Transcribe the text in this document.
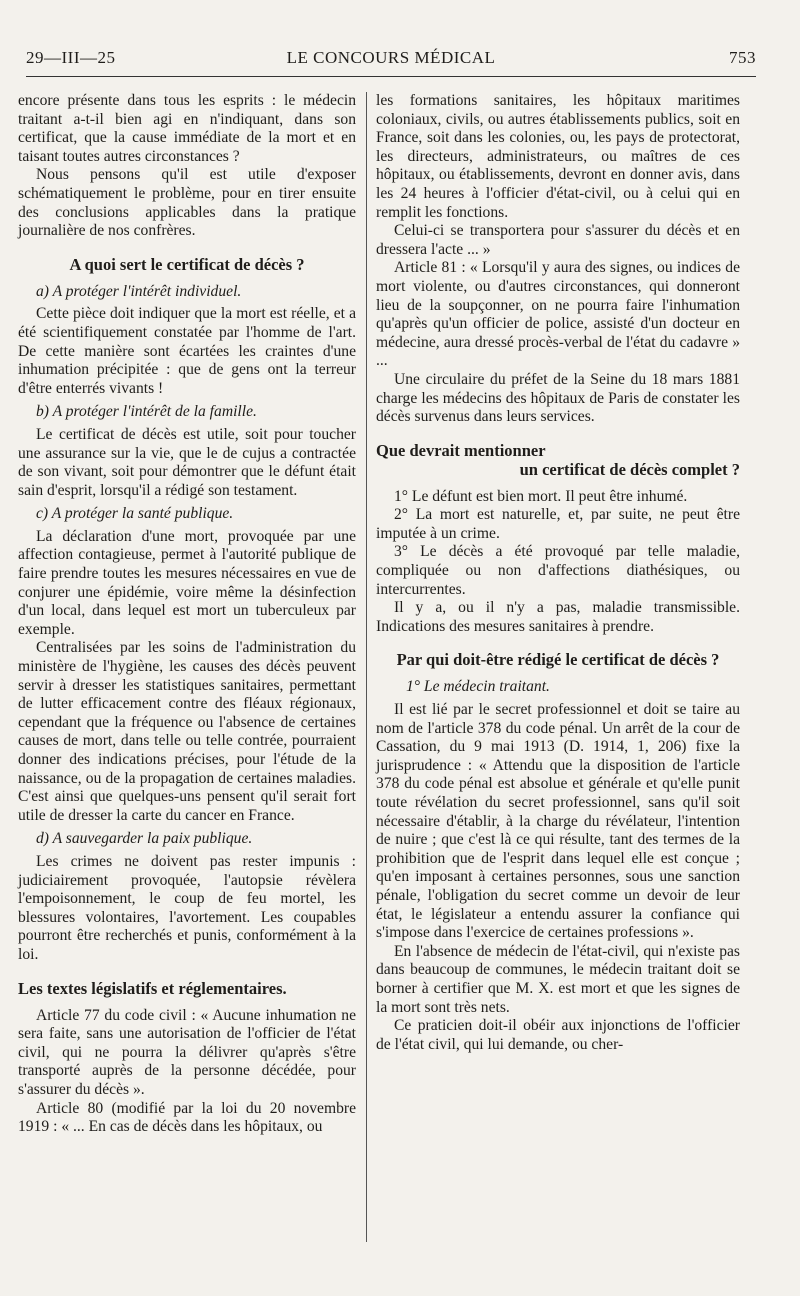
29—III—25	LE CONCOURS MÉDICAL	753

encore présente dans tous les esprits : le médecin traitant a-t-il bien agi en n'indiquant, dans son certificat, que la cause immédiate de la mort et en taisant toutes autres circonstances ?

Nous pensons qu'il est utile d'exposer schématiquement le problème, pour en tirer ensuite des conclusions applicables dans la pratique journalière de nos confrères.

A quoi sert le certificat de décès ?

a) A protéger l'intérêt individuel.

Cette pièce doit indiquer que la mort est réelle, et a été scientifiquement constatée par l'homme de l'art. De cette manière sont écartées les craintes d'une inhumation précipitée : que de gens ont la terreur d'être enterrés vivants !

b) A protéger l'intérêt de la famille.

Le certificat de décès est utile, soit pour toucher une assurance sur la vie, que le de cujus a contractée de son vivant, soit pour démontrer que le défunt était sain d'esprit, lorsqu'il a rédigé son testament.

c) A protéger la santé publique.

La déclaration d'une mort, provoquée par une affection contagieuse, permet à l'autorité publique de faire prendre toutes les mesures nécessaires en vue de conjurer une épidémie, voire même la désinfection d'un local, dans lequel est mort un tuberculeux par exemple.

Centralisées par les soins de l'administration du ministère de l'hygiène, les causes des décès peuvent servir à dresser les statistiques sanitaires, permettant de lutter efficacement contre des fléaux régionaux, cependant que la fréquence ou l'absence de certaines causes de mort, dans telle ou telle contrée, pourraient donner des indications précises, pour l'étude de la naissance, ou de la propagation de certaines maladies. C'est ainsi que quelques-uns pensent qu'il serait fort utile de dresser la carte du cancer en France.

d) A sauvegarder la paix publique.

Les crimes ne doivent pas rester impunis : judiciairement provoquée, l'autopsie révèlera l'empoisonnement, le coup de feu mortel, les blessures volontaires, l'avortement. Les coupables pourront être recherchés et punis, conformément à la loi.

Les textes législatifs et réglementaires.

Article 77 du code civil : « Aucune inhumation ne sera faite, sans une autorisation de l'officier de l'état civil, qui ne pourra la délivrer qu'après s'être transporté auprès de la personne décédée, pour s'assurer du décès ».

Article 80 (modifié par la loi du 20 novembre 1919 : « ... En cas de décès dans les hôpitaux, ou

les formations sanitaires, les hôpitaux maritimes coloniaux, civils, ou autres établissements publics, soit en France, soit dans les colonies, ou, les pays de protectorat, les directeurs, administrateurs, ou maîtres de ces hôpitaux, ou établissements, devront en donner avis, dans les 24 heures à l'officier d'état-civil, ou à celui qui en remplit les fonctions.

Celui-ci se transportera pour s'assurer du décès et en dressera l'acte ... »

Article 81 : « Lorsqu'il y aura des signes, ou indices de mort violente, ou d'autres circonstances, qui donneront lieu de la soupçonner, on ne pourra faire l'inhumation qu'après qu'un officier de police, assisté d'un docteur en médecine, aura dressé procès-verbal de l'état du cadavre » ...

Une circulaire du préfet de la Seine du 18 mars 1881 charge les médecins des hôpitaux de Paris de constater les décès survenus dans leurs services.

Que devrait mentionner
un certificat de décès complet ?

1° Le défunt est bien mort. Il peut être inhumé.

2° La mort est naturelle, et, par suite, ne peut être imputée à un crime.

3° Le décès a été provoqué par telle maladie, compliquée ou non d'affections diathésiques, ou intercurrentes.

Il y a, ou il n'y a pas, maladie transmissible. Indications des mesures sanitaires à prendre.

Par qui doit-être rédigé le certificat de décès ?

1° Le médecin traitant.

Il est lié par le secret professionnel et doit se taire au nom de l'article 378 du code pénal. Un arrêt de la cour de Cassation, du 9 mai 1913 (D. 1914, 1, 206) fixe la jurisprudence : « Attendu que la disposition de l'article 378 du code pénal est absolue et générale et qu'elle punit toute révélation du secret professionnel, sans qu'il soit nécessaire d'établir, à la charge du révélateur, l'intention de nuire ; que c'est là ce qui résulte, tant des termes de la prohibition que de l'esprit dans lequel elle est conçue ; qu'en imposant à certaines personnes, sous une sanction pénale, l'obligation du secret comme un devoir de leur état, le législateur a entendu assurer la confiance qui s'impose dans l'exercice de certaines professions ».

En l'absence de médecin de l'état-civil, qui n'existe pas dans beaucoup de communes, le médecin traitant doit se borner à certifier que M. X. est mort et que les signes de la mort sont très nets.

Ce praticien doit-il obéir aux injonctions de l'officier de l'état civil, qui lui demande, ou cher-
